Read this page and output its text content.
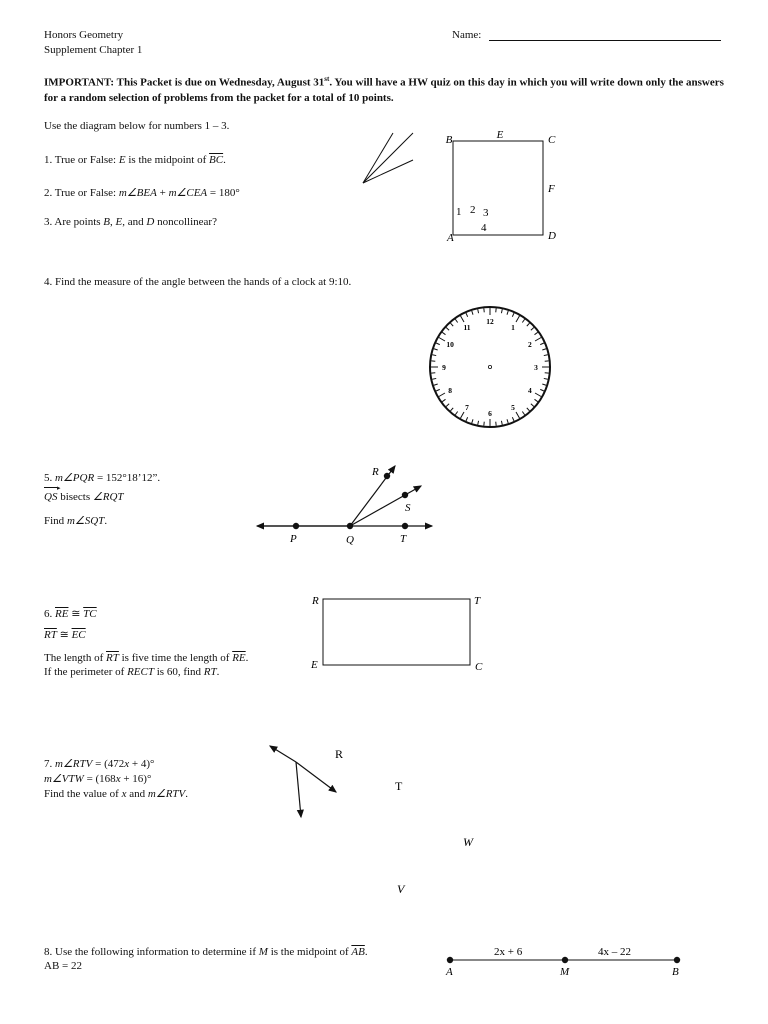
Honors Geometry
Supplement Chapter 1
Name:
IMPORTANT: This Packet is due on Wednesday, August 31st. You will have a HW quiz on this day in which you will write down only the answers for a random selection of problems from the packet for a total of 10 points.
Use the diagram below for numbers 1 – 3.
1. True or False: E is the midpoint of $\overline{BC}$.
2. True or False: m∠BEA + m∠CEA = 180°
3. Are points B, E, and D noncollinear?
4. Find the measure of the angle between the hands of a clock at 9:10.
5. m∠PQR = 152°18’12”.
QS
▸
bisects ∠RQT
Find m∠SQT.
6. $\overline{RE}$ ≅ $\overline{TC}$
$\overline{RT}$ ≅ $\overline{EC}$
The length of $\overline{RT}$ is five time the length of $\overline{RE}$.
If the perimeter of RECT is 60, find RT.
7. m∠RTV = (472x + 4)°
m∠VTW = (168x + 16)°
Find the value of x and m∠RTV.
8. Use the following information to determine if M is the midpoint of $\overline{AB}$.
AB = 22
B	E	C
F
A	D
1 2 3
4
12
1
2
3
4
5
6
7
8
9
10
11
R
S
P	Q	T
R	T
E	C
R
T
W
V
2x + 6	4x – 22
A	M	B
